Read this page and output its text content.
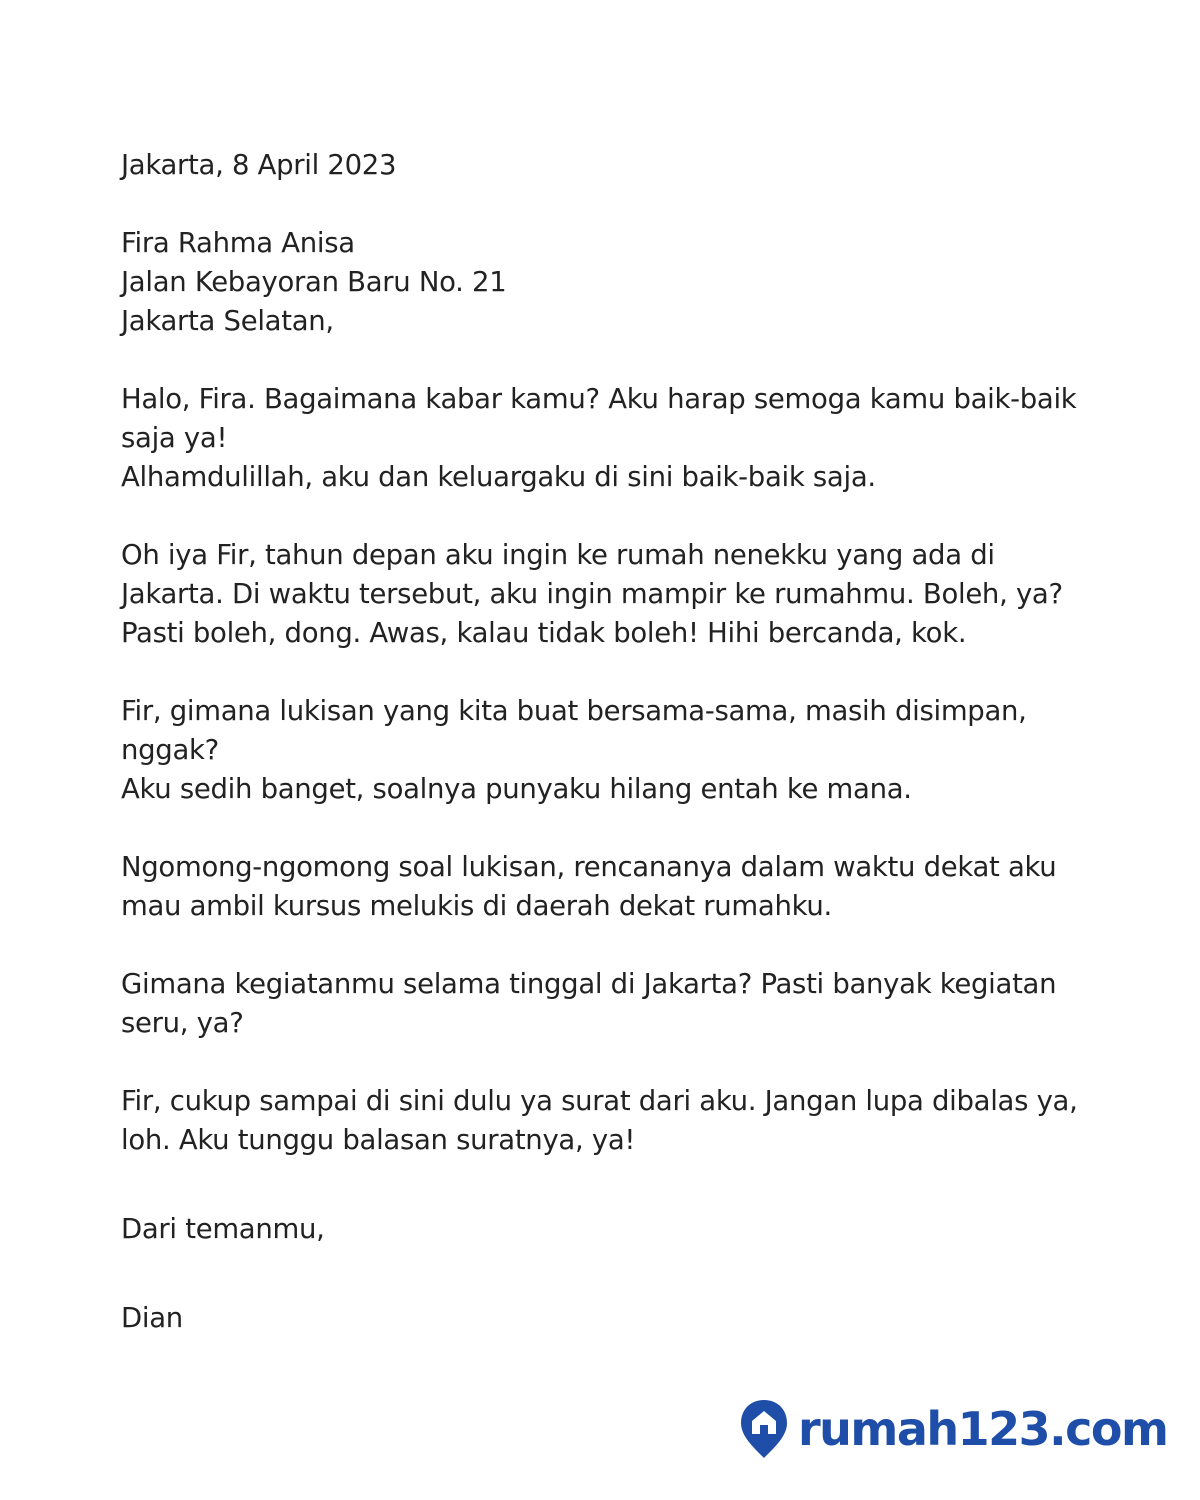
Jakarta, 8 April 2023
Fira Rahma Anisa
Jalan Kebayoran Baru No. 21
Jakarta Selatan,
Halo, Fira. Bagaimana kabar kamu? Aku harap semoga kamu baik-baik
saja ya!
Alhamdulillah, aku dan keluargaku di sini baik-baik saja.
Oh iya Fir, tahun depan aku ingin ke rumah nenekku yang ada di
Jakarta. Di waktu tersebut, aku ingin mampir ke rumahmu. Boleh, ya?
Pasti boleh, dong. Awas, kalau tidak boleh! Hihi bercanda, kok.
Fir, gimana lukisan yang kita buat bersama-sama, masih disimpan,
nggak?
Aku sedih banget, soalnya punyaku hilang entah ke mana.
Ngomong-ngomong soal lukisan, rencananya dalam waktu dekat aku
mau ambil kursus melukis di daerah dekat rumahku.
Gimana kegiatanmu selama tinggal di Jakarta? Pasti banyak kegiatan
seru, ya?
Fir, cukup sampai di sini dulu ya surat dari aku. Jangan lupa dibalas ya,
loh. Aku tunggu balasan suratnya, ya!
Dari temanmu,
Dian
rumah123.com
